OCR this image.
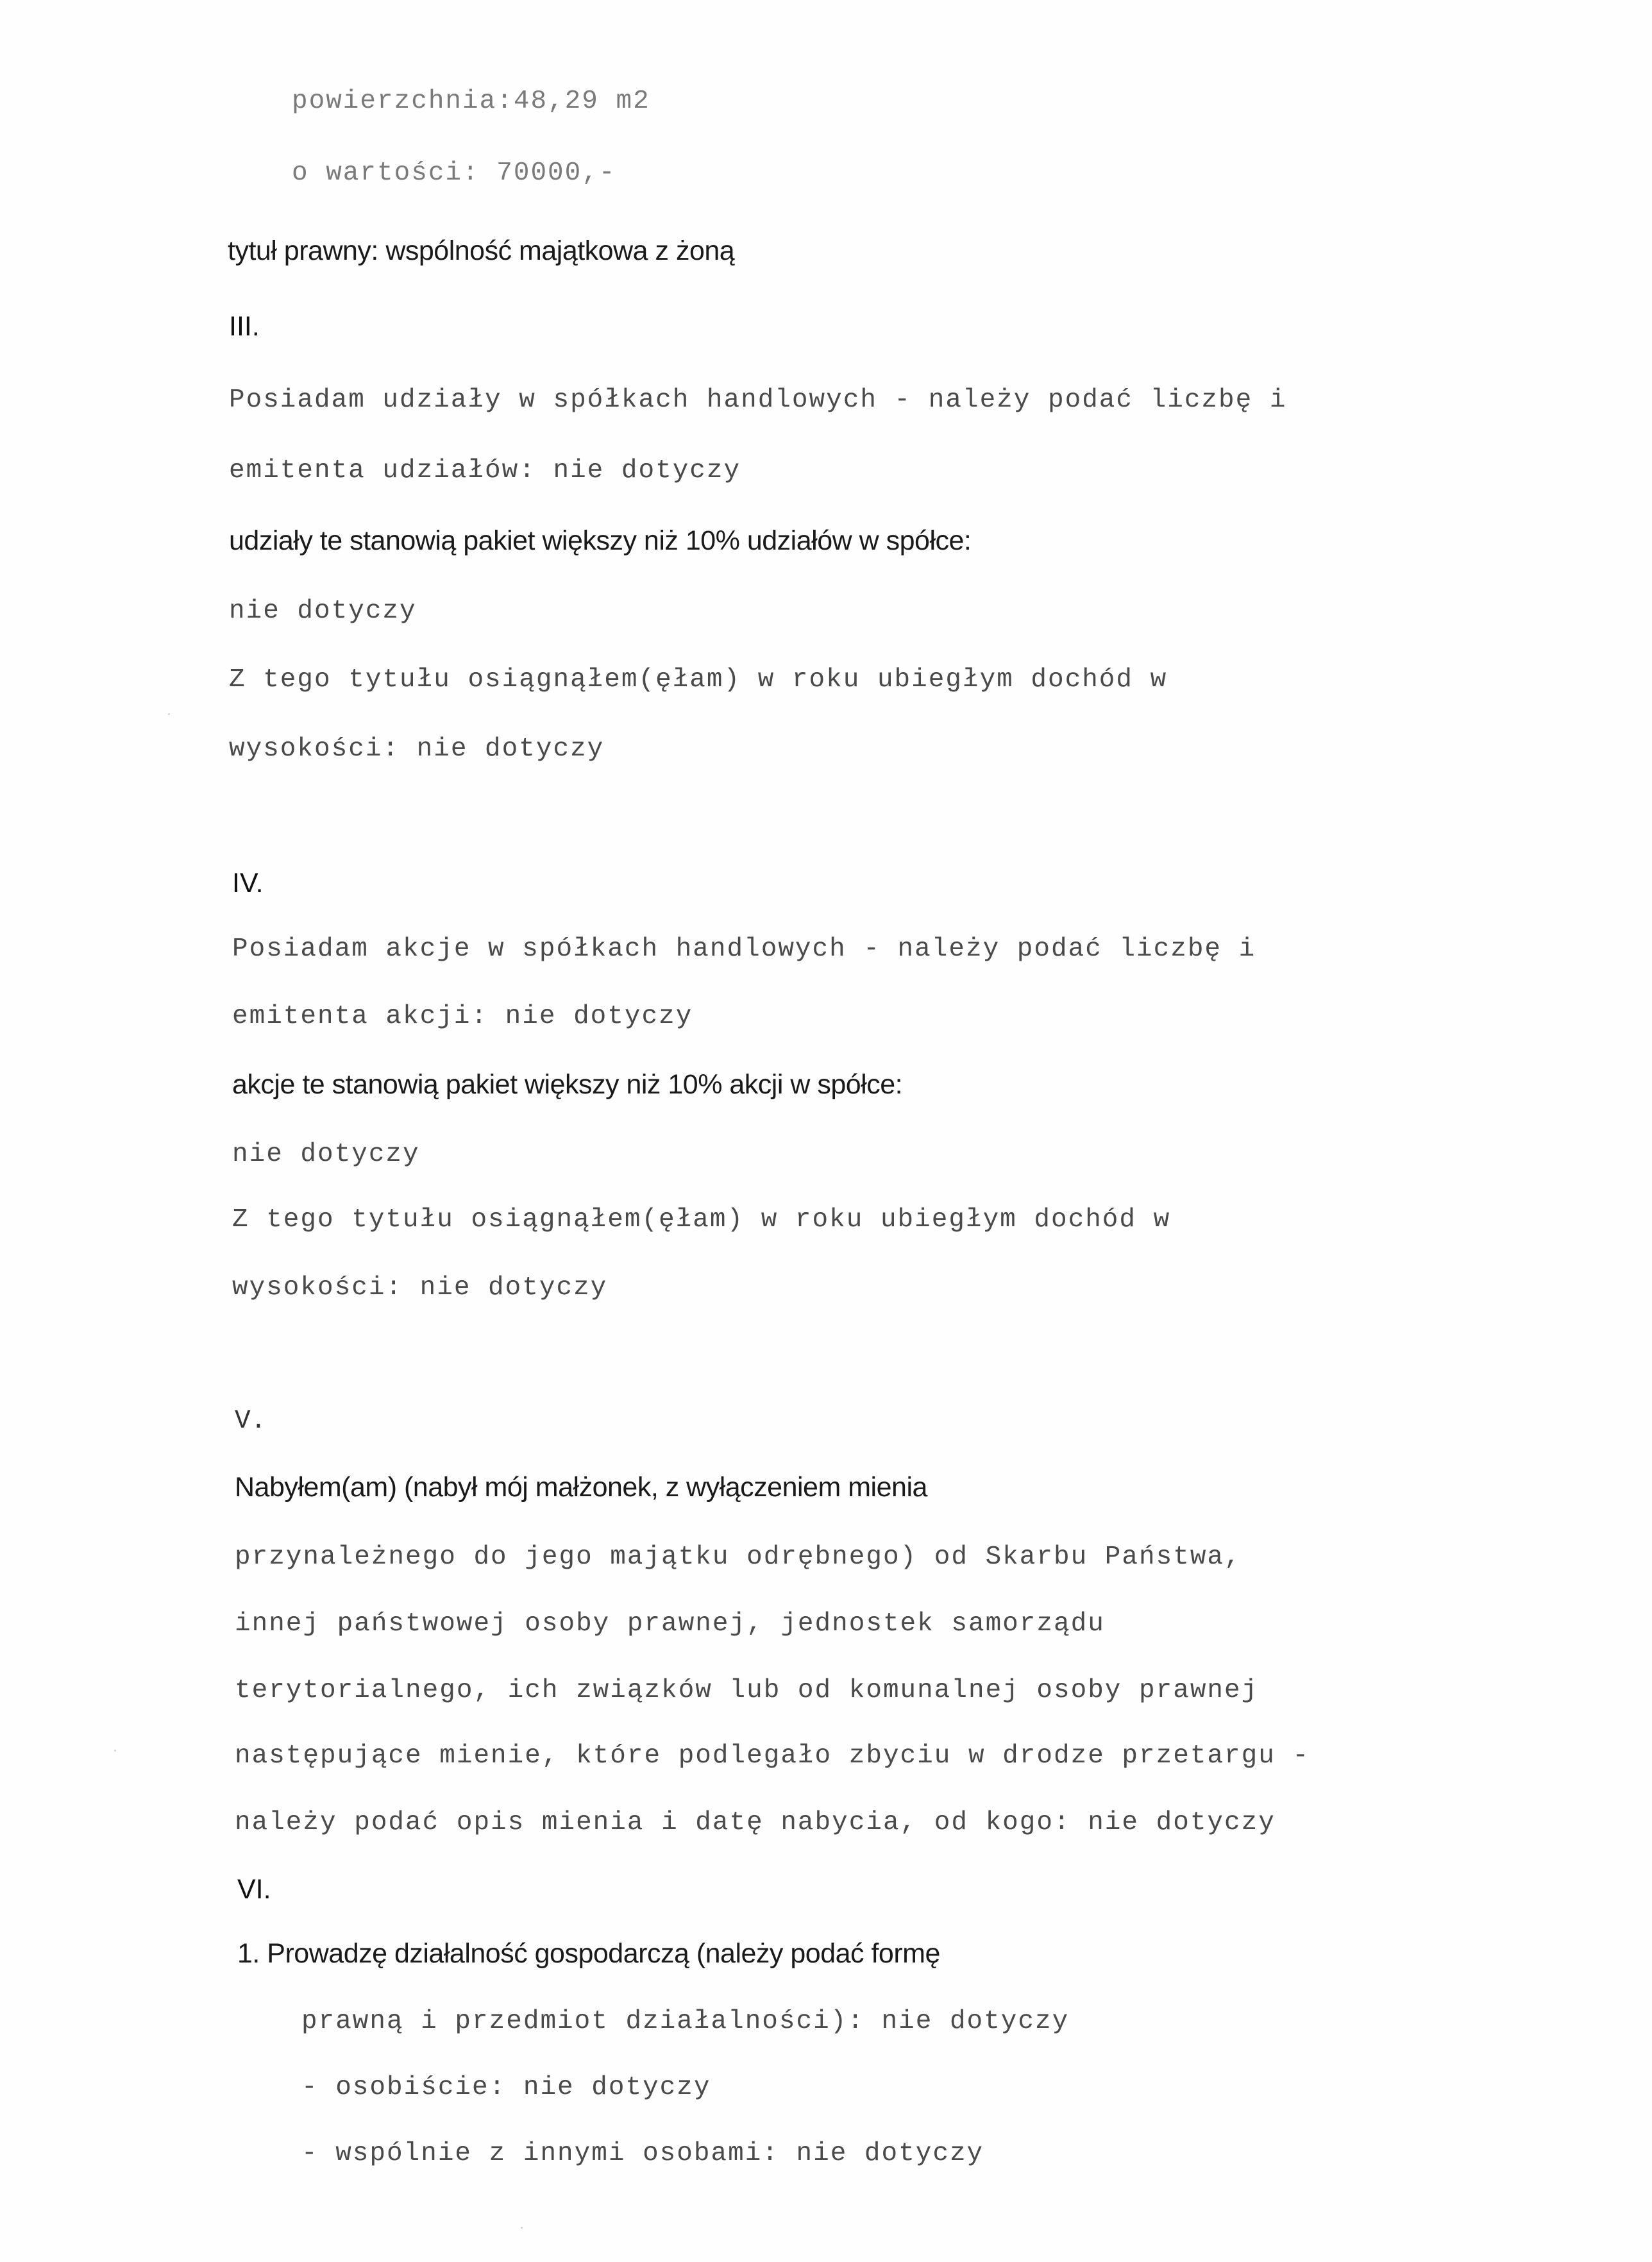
powierzchnia:48,29 m2
o wartości: 70000,-
tytuł prawny: wspólność majątkowa z żoną
III.
Posiadam udziały w spółkach handlowych - należy podać liczbę i
emitenta udziałów: nie dotyczy
udziały te stanowią pakiet większy niż 10% udziałów w spółce:
nie dotyczy
Z tego tytułu osiągnąłem(ęłam) w roku ubiegłym dochód w
wysokości: nie dotyczy
IV.
Posiadam akcje w spółkach handlowych - należy podać liczbę i
emitenta akcji: nie dotyczy
akcje te stanowią pakiet większy niż 10% akcji w spółce:
nie dotyczy
Z tego tytułu osiągnąłem(ęłam) w roku ubiegłym dochód w
wysokości: nie dotyczy
V.
Nabyłem(am) (nabył mój małżonek, z wyłączeniem mienia
przynależnego do jego majątku odrębnego) od Skarbu Państwa,
innej państwowej osoby prawnej, jednostek samorządu
terytorialnego, ich związków lub od komunalnej osoby prawnej
następujące mienie, które podlegało zbyciu w drodze przetargu -
należy podać opis mienia i datę nabycia, od kogo: nie dotyczy
VI.
1. Prowadzę działalność gospodarczą (należy podać formę
prawną i przedmiot działalności): nie dotyczy
- osobiście: nie dotyczy
- wspólnie z innymi osobami: nie dotyczy
